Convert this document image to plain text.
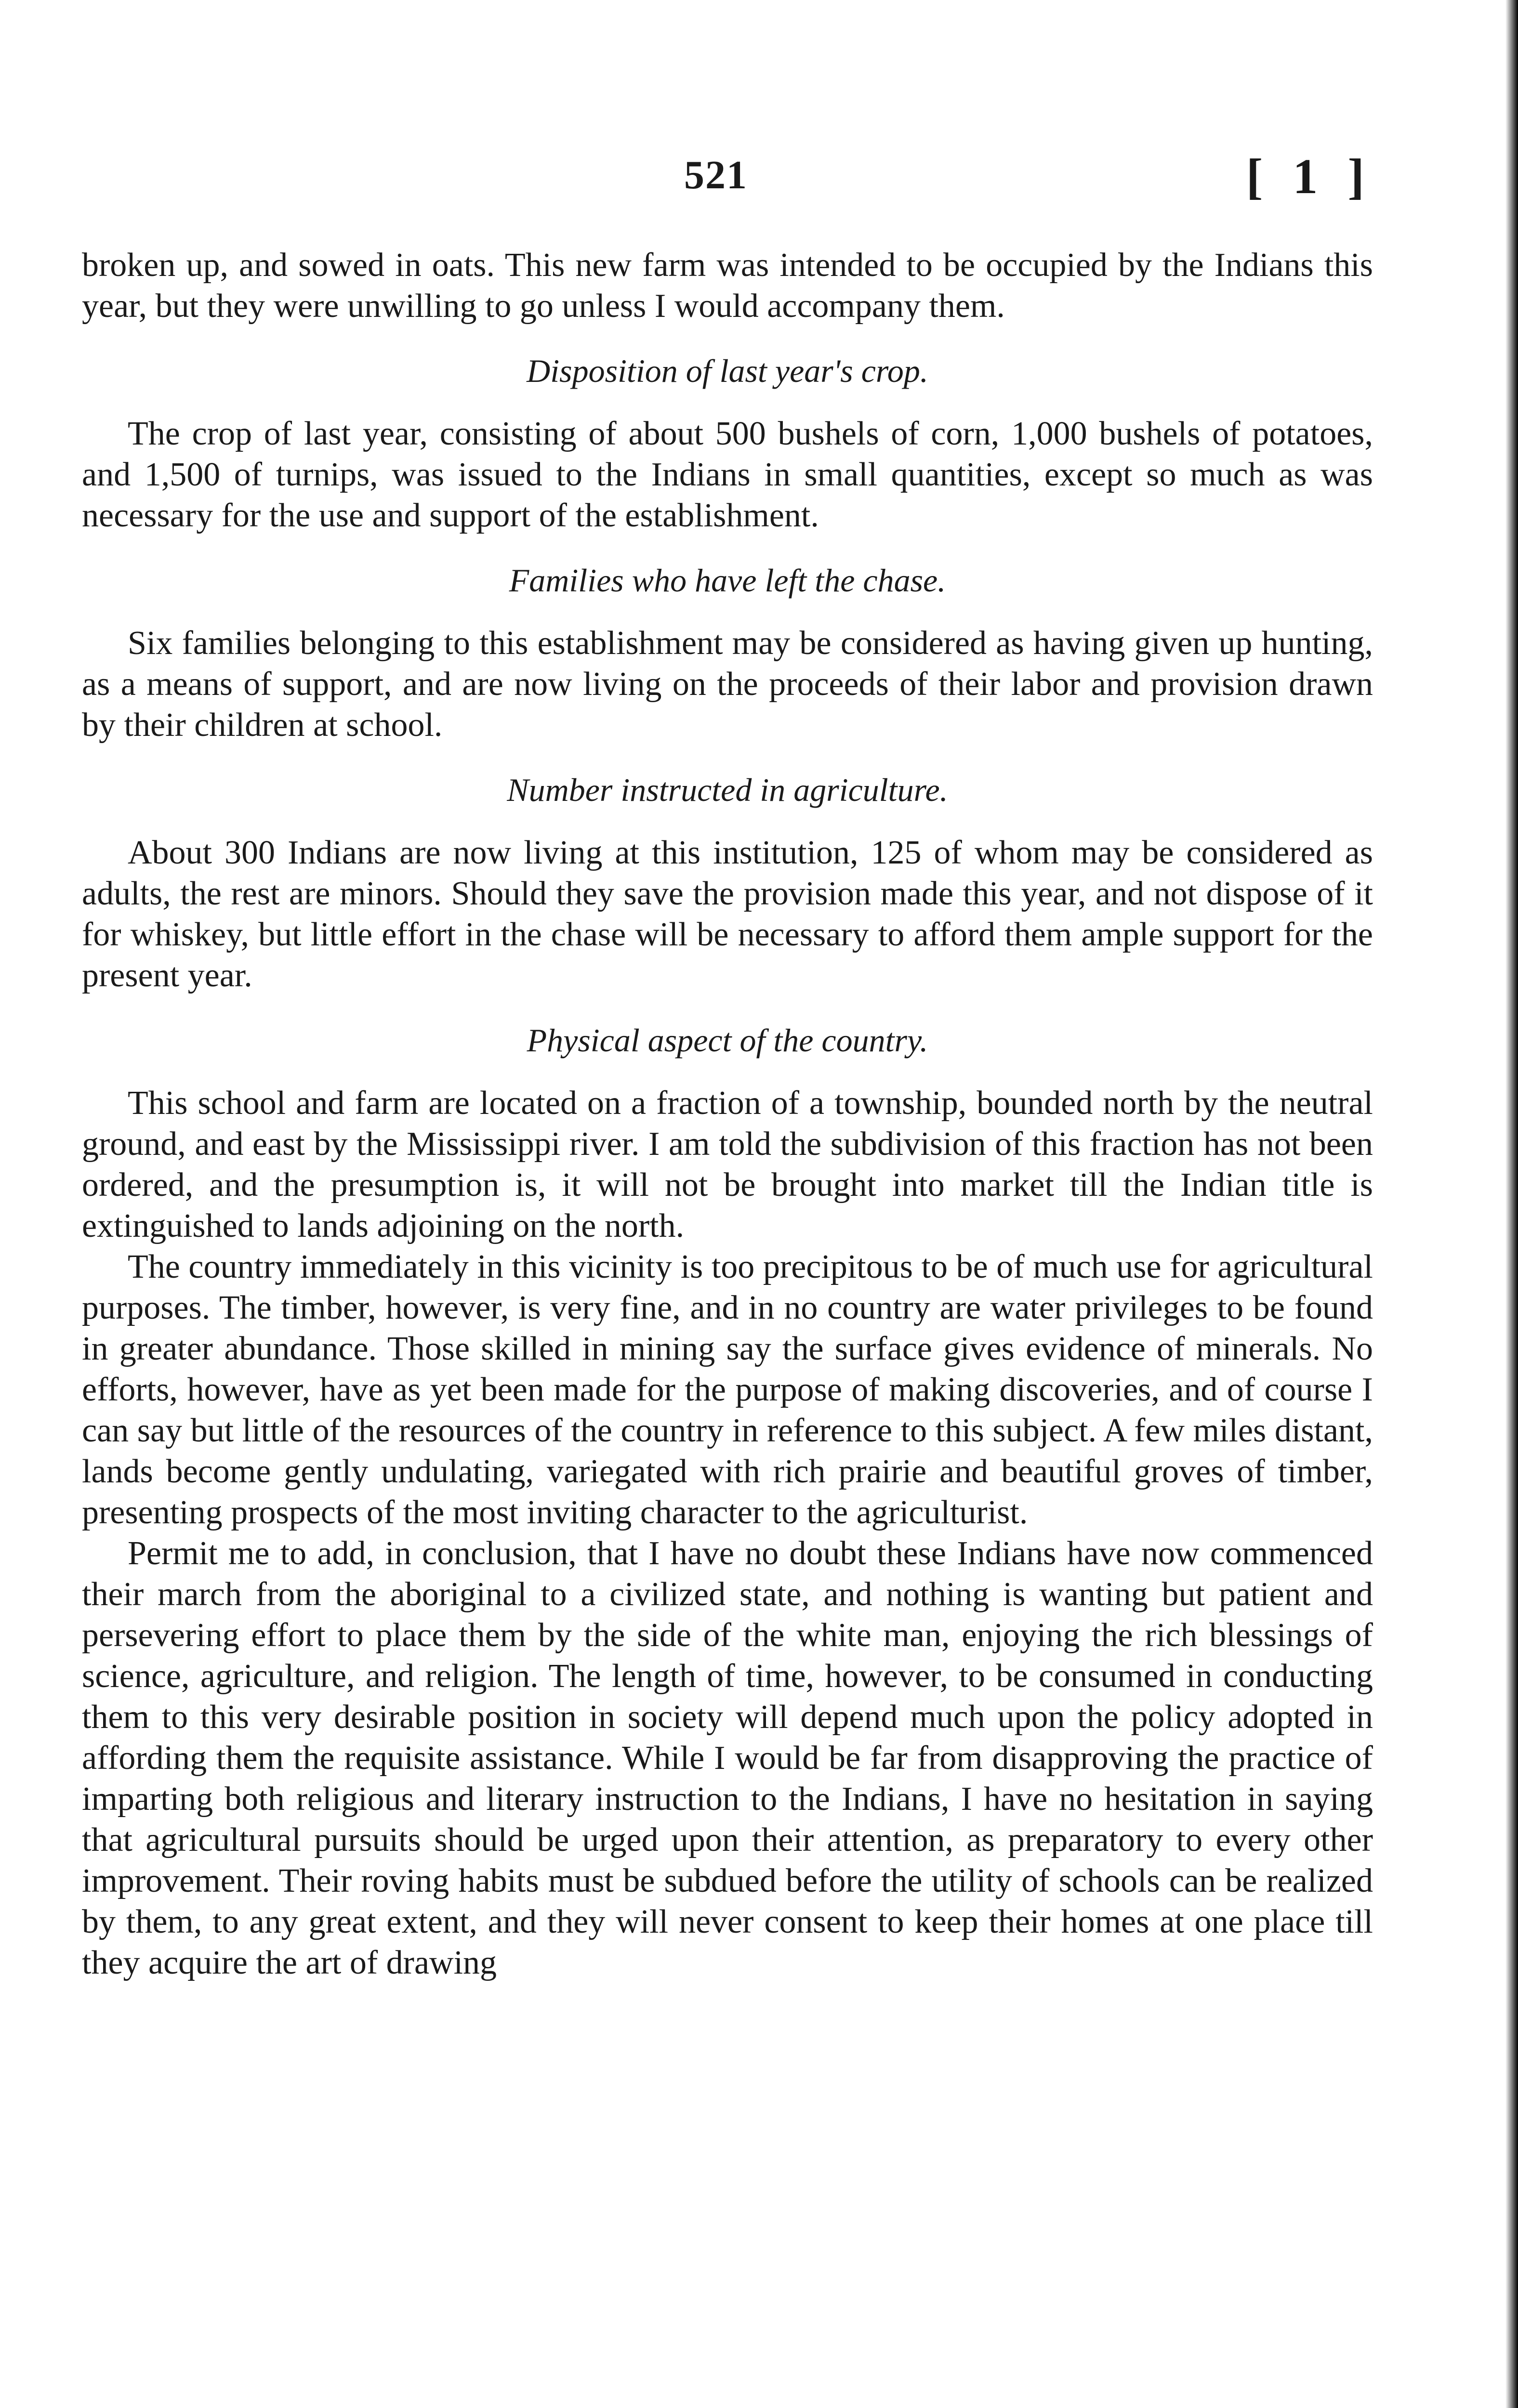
521	[ 1 ]

broken up, and sowed in oats. This new farm was intended to be occupied by the Indians this year, but they were unwilling to go unless I would accompany them.

Disposition of last year's crop.

The crop of last year, consisting of about 500 bushels of corn, 1,000 bushels of potatoes, and 1,500 of turnips, was issued to the Indians in small quantities, except so much as was necessary for the use and support of the establishment.

Families who have left the chase.

Six families belonging to this establishment may be considered as having given up hunting, as a means of support, and are now living on the proceeds of their labor and provision drawn by their children at school.

Number instructed in agriculture.

About 300 Indians are now living at this institution, 125 of whom may be considered as adults, the rest are minors. Should they save the provision made this year, and not dispose of it for whiskey, but little effort in the chase will be necessary to afford them ample support for the present year.

Physical aspect of the country.

This school and farm are located on a fraction of a township, bounded north by the neutral ground, and east by the Mississippi river. I am told the subdivision of this fraction has not been ordered, and the presumption is, it will not be brought into market till the Indian title is extinguished to lands adjoining on the north.

The country immediately in this vicinity is too precipitous to be of much use for agricultural purposes. The timber, however, is very fine, and in no country are water privileges to be found in greater abundance. Those skilled in mining say the surface gives evidence of minerals. No efforts, however, have as yet been made for the purpose of making discoveries, and of course I can say but little of the resources of the country in reference to this subject. A few miles distant, lands become gently undulating, variegated with rich prairie and beautiful groves of timber, presenting prospects of the most inviting character to the agriculturist.

Permit me to add, in conclusion, that I have no doubt these Indians have now commenced their march from the aboriginal to a civilized state, and nothing is wanting but patient and persevering effort to place them by the side of the white man, enjoying the rich blessings of science, agriculture, and religion. The length of time, however, to be consumed in conducting them to this very desirable position in society will depend much upon the policy adopted in affording them the requisite assistance. While I would be far from disapproving the practice of imparting both religious and literary instruction to the Indians, I have no hesitation in saying that agricultural pursuits should be urged upon their attention, as preparatory to every other improvement. Their roving habits must be subdued before the utility of schools can be realized by them, to any great extent, and they will never consent to keep their homes at one place till they acquire the art of drawing
